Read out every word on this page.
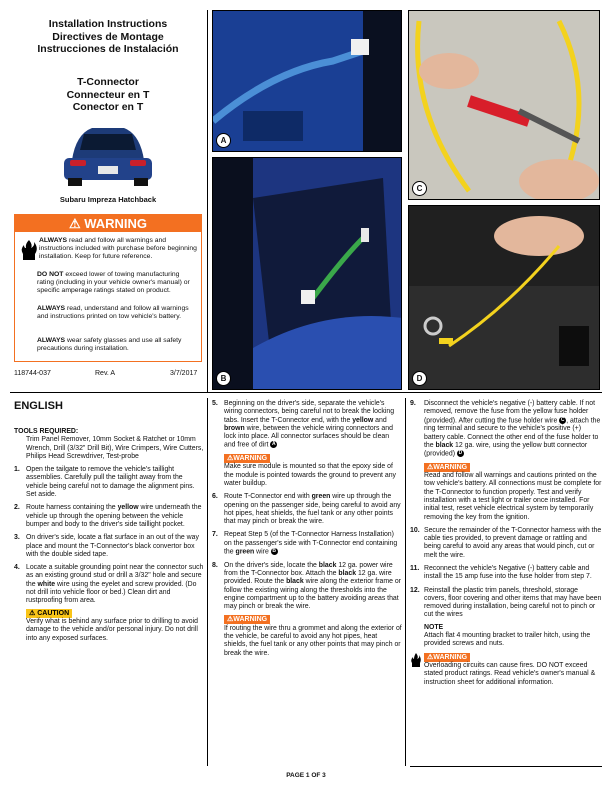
Installation Instructions
Directives de Montage
Instrucciones de Instalación
T-Connector
Connecteur en T
Conector en T
Subaru Impreza Hatchback
⚠ WARNING
ALWAYS read and follow all warnings and instructions included with purchase before beginning installation. Keep for future reference.
DO NOT exceed lower of towing manufacturing rating (including in your vehicle owner's manual) or specific amperage ratings stated on product.
ALWAYS read, understand and follow all warnings and instructions printed on tow vehicle's battery.
ALWAYS wear safety glasses and use all safety precautions during installation.
118744-037	Rev. A	3/7/2017
A
B
C
D
ENGLISH
TOOLS REQUIRED:
Trim Panel Remover, 10mm Socket & Ratchet or 10mm Wrench, Drill (3/32" Drill Bit), Wire Crimpers, Wire Cutters, Philips Head Screwdriver, Test-probe
1. Open the tailgate to remove the vehicle's taillight assemblies. Carefully pull the tailight away from the vehicle being careful not to damage the alignment pins. Set aside.
2. Route harness containing the yellow wire underneath the vehicle up through the opening between the vehicle bumper and body to the driver's side taillight pocket.
3. On driver's side, locate a flat surface in an out of the way place and mount the T-Connector's black convertor box with the double sided tape.
4. Locate a suitable grounding point near the connector such as an existing ground stud or drill a 3/32" hole and secure the white wire using the eyelet and screw provided. (Do not drill into vehicle floor or bed.) Clean dirt and rustproofing from area.
⚠ CAUTION
Verify what is behind any surface prior to drilling to avoid damage to the vehicle and/or personal injury. Do not drill into any exposed surfaces.
5. Beginning on the driver's side, separate the vehicle's wiring connectors, being careful not to break the locking tabs. Insert the T-Connector end, with the yellow and brown wire, between the vehicle wiring connectors and lock into place. All connector surfaces should be clean and free of dirt A
⚠WARNING
Make sure module is mounted so that the epoxy side of the module is pointed towards the ground to prevent any water buildup.
6. Route T-Connector end with green wire up through the opening on the passenger side, being careful to avoid any hot pipes, heat shields, the fuel tank or any other points that may pinch or break the wire.
7. Repeat Step 5 (of the T-Connector Harness Installation) on the passenger's side with T-Connector end containing the green wire B
8. On the driver's side, locate the black 12 ga. power wire from the T-Connector box. Attach the black 12 ga. wire provided. Route the black wire along the exterior frame or follow the existing wiring along the thresholds into the engine compartment up to the battery avoiding areas that may pinch or break the wire.
⚠WARNING
If routing the wire thru a grommet and along the exterior of the vehicle, be careful to avoid any hot pipes, heat shields, the fuel tank or any other points that may pinch or break the wire.
9. Disconnect the vehicle's negative (-) battery cable. If not removed, remove the fuse from the yellow fuse holder (provided). After cutting the fuse holder wire C , attach the ring terminal and secure to the vehicle's positive (+) battery cable. Connect the other end of the fuse holder to the black 12 ga. wire, using the yellow butt connector (provided) D
⚠WARNING
Read and follow all warnings and cautions printed on the tow vehicle's battery. All connections must be complete for the T-Connector to function properly. Test and verify installation with a test light or trailer once installed. For initial test, reset vehicle electrical system by temporarily removing the key from the ignition.
10. Secure the remainder of the T-Connector harness with the cable ties provided, to prevent damage or rattling and being careful to avoid any areas that would pinch, cut or melt the wire.
11. Reconnect the vehicle's Negative (-) battery cable and install the 15 amp fuse into the fuse holder from step 7.
12. Reinstall the plastic trim panels, threshold, storage covers, floor covering and other items that may have been removed during installation, being careful not to pinch or cut the wires
NOTE
Attach flat 4 mounting bracket to trailer hitch, using the provided screws and nuts.
⚠WARNING
Overloading circuits can cause fires. DO NOT exceed stated product ratings. Read vehicle's owner's manual & instruction sheet for additional information.
PAGE 1 OF 3
